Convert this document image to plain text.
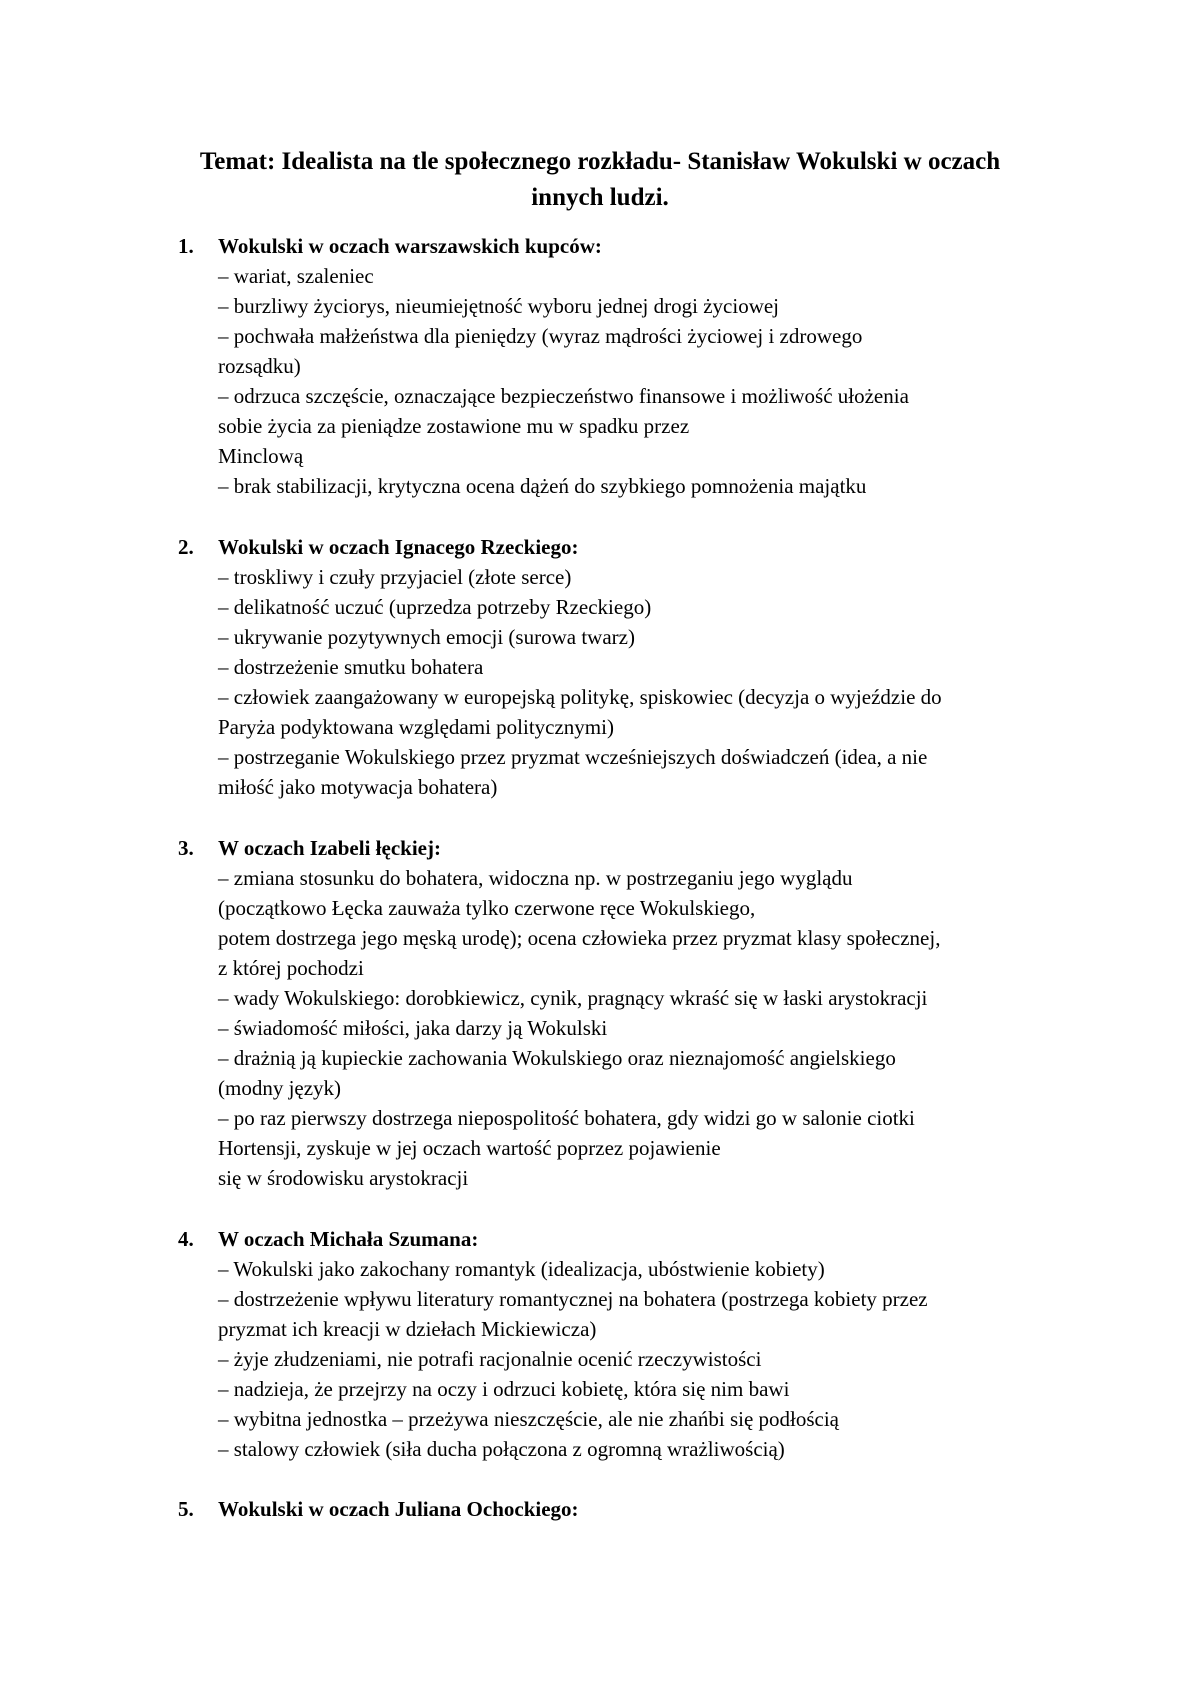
Temat: Idealista na tle społecznego rozkładu- Stanisław Wokulski w oczach
innych ludzi.
1. Wokulski w oczach warszawskich kupców:

– wariat, szaleniec

– burzliwy życiorys, nieumiejętność wyboru jednej drogi życiowej

– pochwała małżeństwa dla pieniędzy (wyraz mądrości życiowej i zdrowego

rozsądku)

– odrzuca szczęście, oznaczające bezpieczeństwo finansowe i możliwość ułożenia

sobie życia za pieniądze zostawione mu w spadku przez

Minclową

– brak stabilizacji, krytyczna ocena dążeń do szybkiego pomnożenia majątku

2. Wokulski w oczach Ignacego Rzeckiego:

– troskliwy i czuły przyjaciel (złote serce)

– delikatność uczuć (uprzedza potrzeby Rzeckiego)

– ukrywanie pozytywnych emocji (surowa twarz)

– dostrzeżenie smutku bohatera

– człowiek zaangażowany w europejską politykę, spiskowiec (decyzja o wyjeździe do

Paryża podyktowana względami politycznymi)

– postrzeganie Wokulskiego przez pryzmat wcześniejszych doświadczeń (idea, a nie

miłość jako motywacja bohatera)

3. W oczach Izabeli łęckiej:

– zmiana stosunku do bohatera, widoczna np. w postrzeganiu jego wyglądu

(początkowo Łęcka zauważa tylko czerwone ręce Wokulskiego,

potem dostrzega jego męską urodę); ocena człowieka przez pryzmat klasy społecznej,

z której pochodzi

– wady Wokulskiego: dorobkiewicz, cynik, pragnący wkraść się w łaski arystokracji

– świadomość miłości, jaka darzy ją Wokulski

– drażnią ją kupieckie zachowania Wokulskiego oraz nieznajomość angielskiego

(modny język)

– po raz pierwszy dostrzega niepospolitość bohatera, gdy widzi go w salonie ciotki

Hortensji, zyskuje w jej oczach wartość poprzez pojawienie

się w środowisku arystokracji

4. W oczach Michała Szumana:

– Wokulski jako zakochany romantyk (idealizacja, ubóstwienie kobiety)

– dostrzeżenie wpływu literatury romantycznej na bohatera (postrzega kobiety przez

pryzmat ich kreacji w dziełach Mickiewicza)

– żyje złudzeniami, nie potrafi racjonalnie ocenić rzeczywistości

– nadzieja, że przejrzy na oczy i odrzuci kobietę, która się nim bawi

– wybitna jednostka – przeżywa nieszczęście, ale nie zhańbi się podłością

– stalowy człowiek (siła ducha połączona z ogromną wrażliwością)

5. Wokulski w oczach Juliana Ochockiego:
